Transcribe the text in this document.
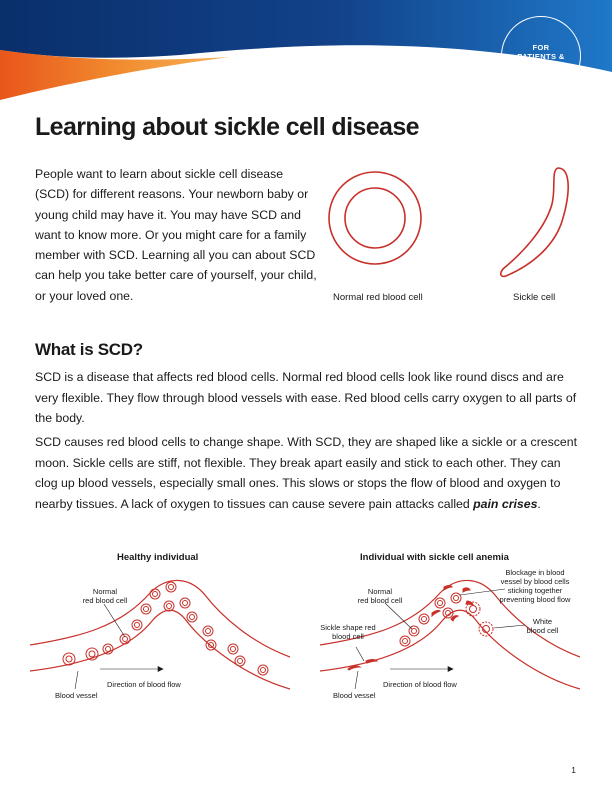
FOR
PATIENTS &
CAREGIVERS
Learning about sickle cell disease

People want to learn about sickle cell disease (SCD) for different reasons. Your newborn baby or young child may have it. You may have SCD and want to know more. Or you might care for a family member with SCD. Learning all you can about SCD can help you take better care of yourself, your child, or your loved one.	Normal red blood cell	Sickle cell
What is SCD?

SCD is a disease that affects red blood cells. Normal red blood cells look like round discs and are very flexible. They flow through blood vessels with ease. Red blood cells carry oxygen to all parts of the body.

SCD causes red blood cells to change shape. With SCD, they are shaped like a sickle or a crescent moon. Sickle cells are stiff, not flexible. They break apart easily and stick to each other. They can clog up blood vessels, especially small ones. This slows or stops the flow of blood and oxygen to nearby tissues. A lack of oxygen to tissues can cause severe pain attacks called pain crises.

Healthy individual
Normal
red blood cell
Direction of blood flow
Blood vessel
Individual with sickle cell anemia
Normal
red blood cell
Blockage in blood
vessel by blood cells
sticking together
preventing blood flow
Sickle shape red
blood cell
White
blood cell
Direction of blood flow
Blood vessel
1
